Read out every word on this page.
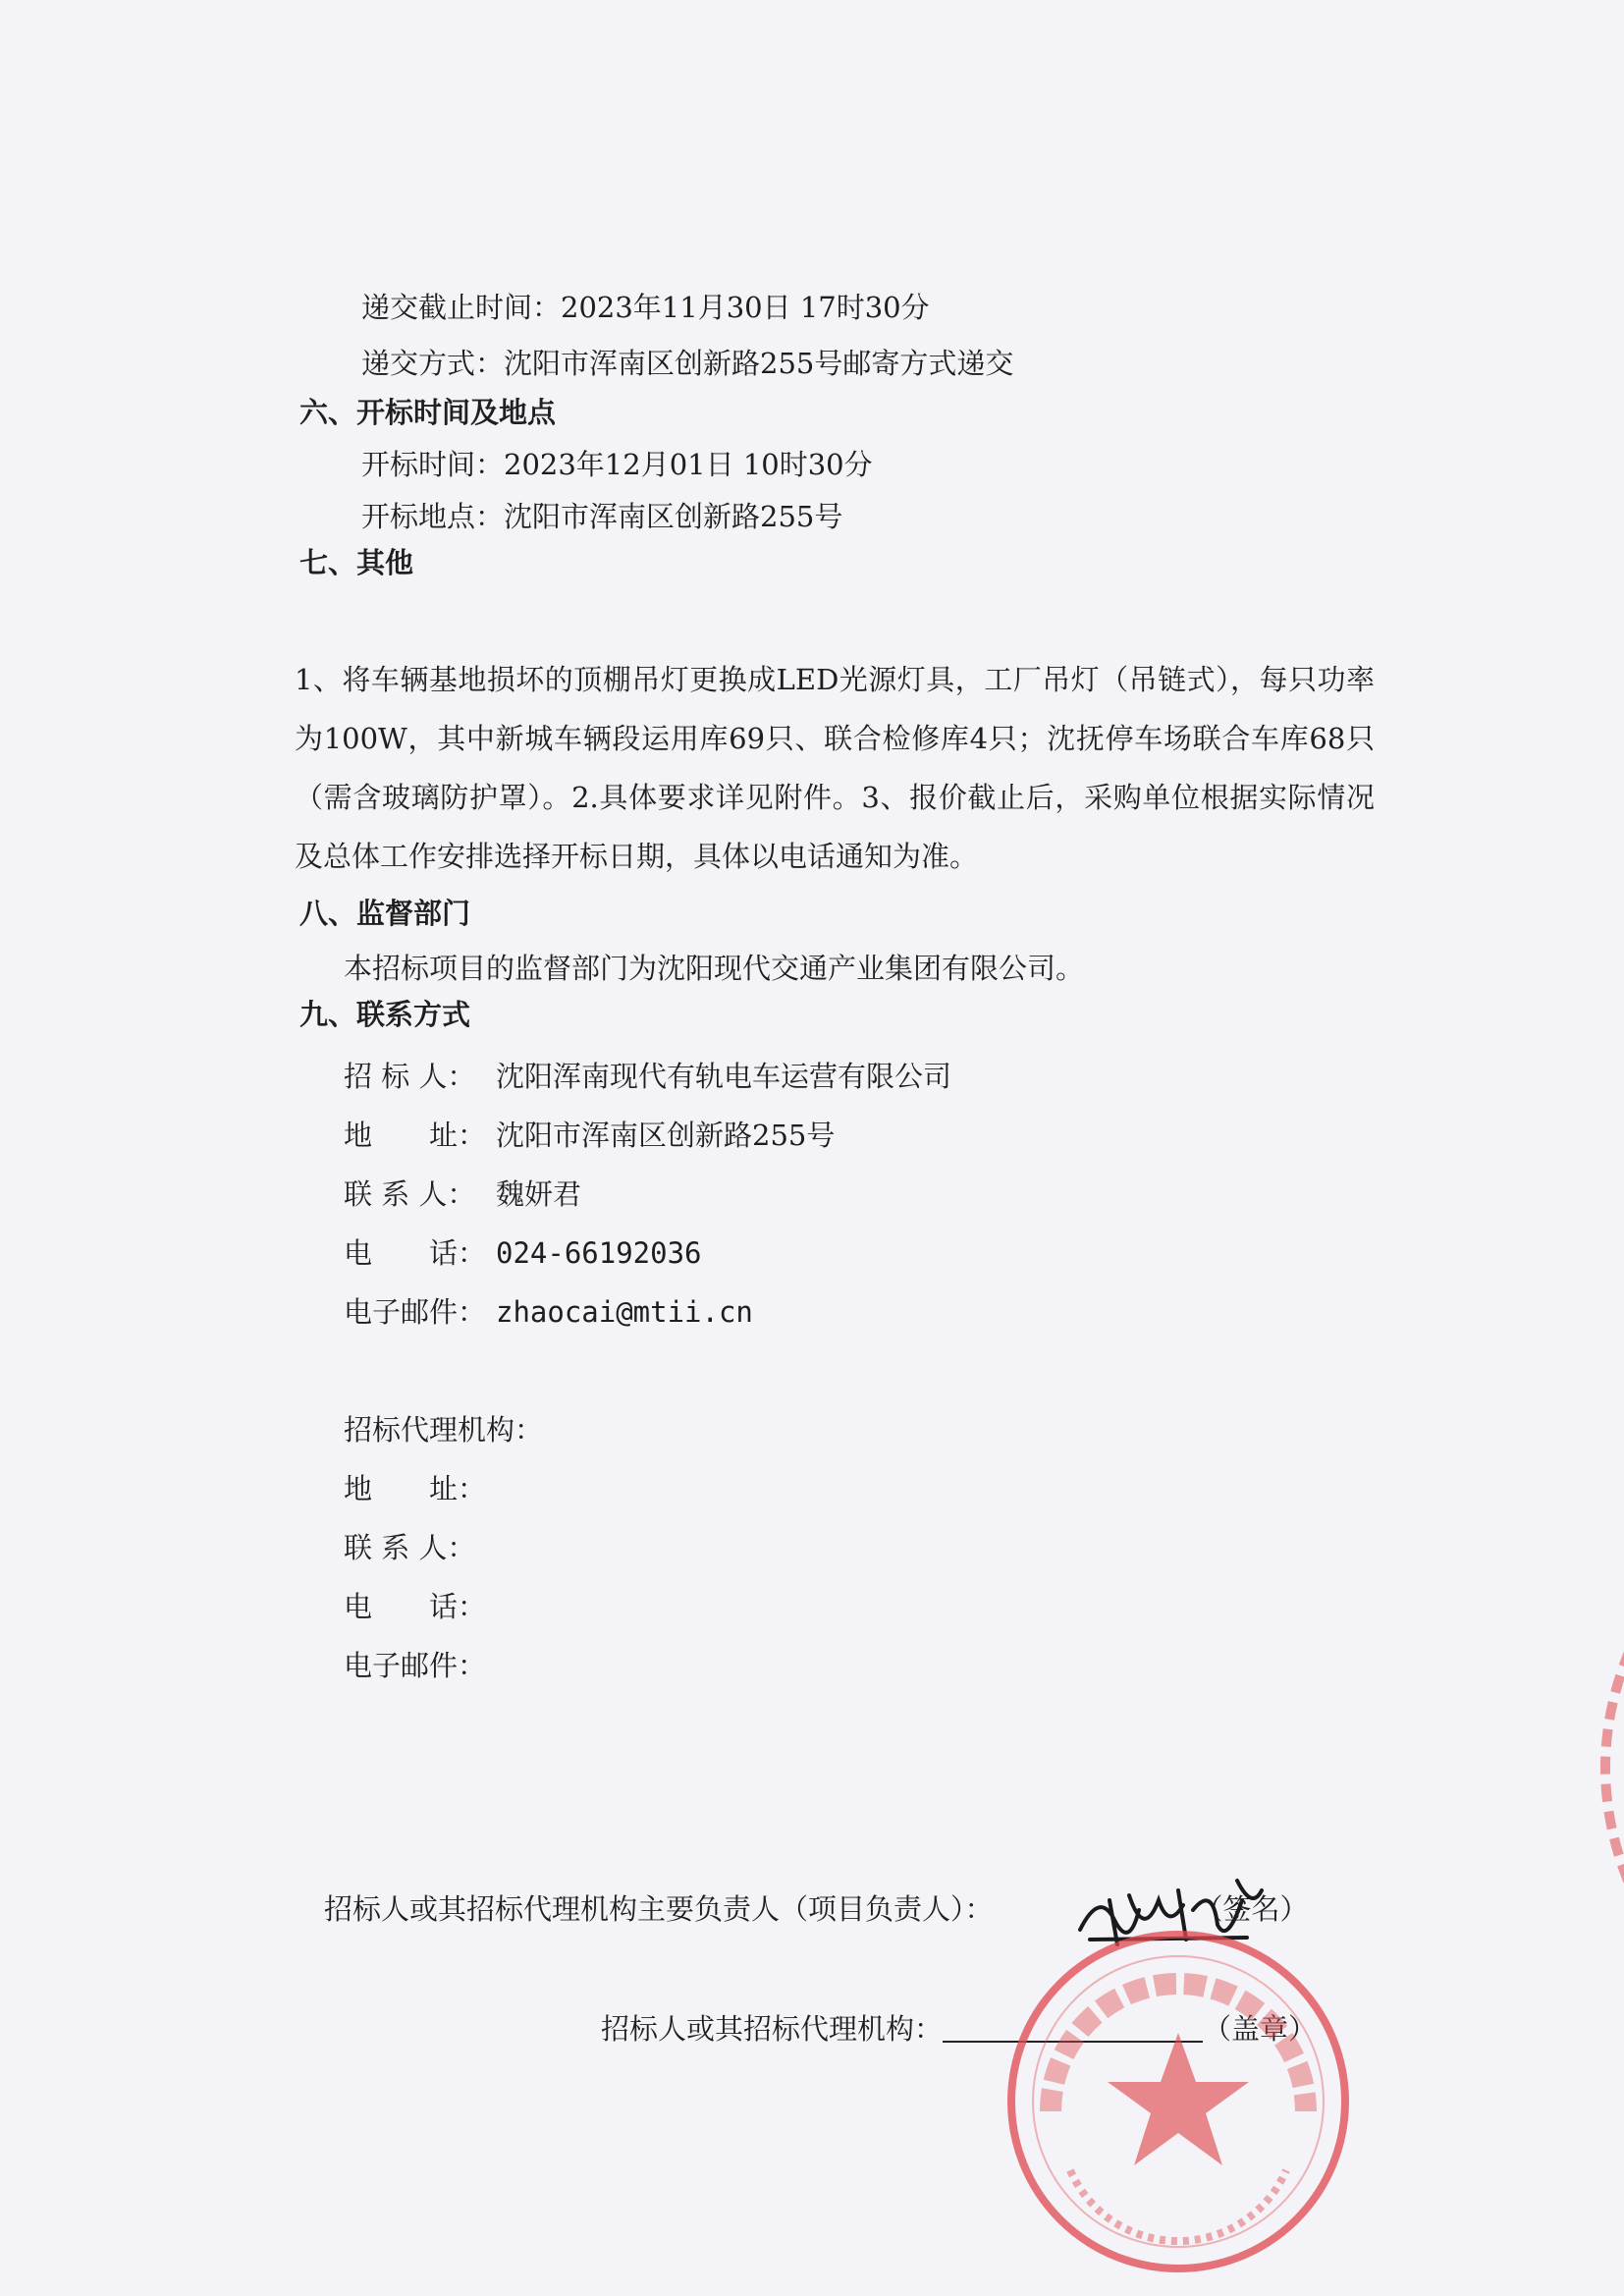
递交截止时间：2023年11月30日 17时30分
递交方式：沈阳市浑南区创新路255号邮寄方式递交
六、开标时间及地点
开标时间：2023年12月01日 10时30分
开标地点：沈阳市浑南区创新路255号
七、其他
1、将车辆基地损坏的顶棚吊灯更换成LED光源灯具，工厂吊灯（吊链式），每只功率为100W，其中新城车辆段运用库69只、联合检修库4只；沈抚停车场联合车库68只（需含玻璃防护罩）。2.具体要求详见附件。3、报价截止后，采购单位根据实际情况及总体工作安排选择开标日期，具体以电话通知为准。
八、监督部门
本招标项目的监督部门为沈阳现代交通产业集团有限公司。
九、联系方式
招 标 人： 沈阳浑南现代有轨电车运营有限公司
地　　址： 沈阳市浑南区创新路255号
联 系 人： 魏妍君
电　　话： 024-66192036
电子邮件： zhaocai@mtii.cn
招标代理机构：
地　　址：
联 系 人：
电　　话：
电子邮件：
招标人或其招标代理机构主要负责人（项目负责人）：	（签名）
招标人或其招标代理机构：	（盖章）
